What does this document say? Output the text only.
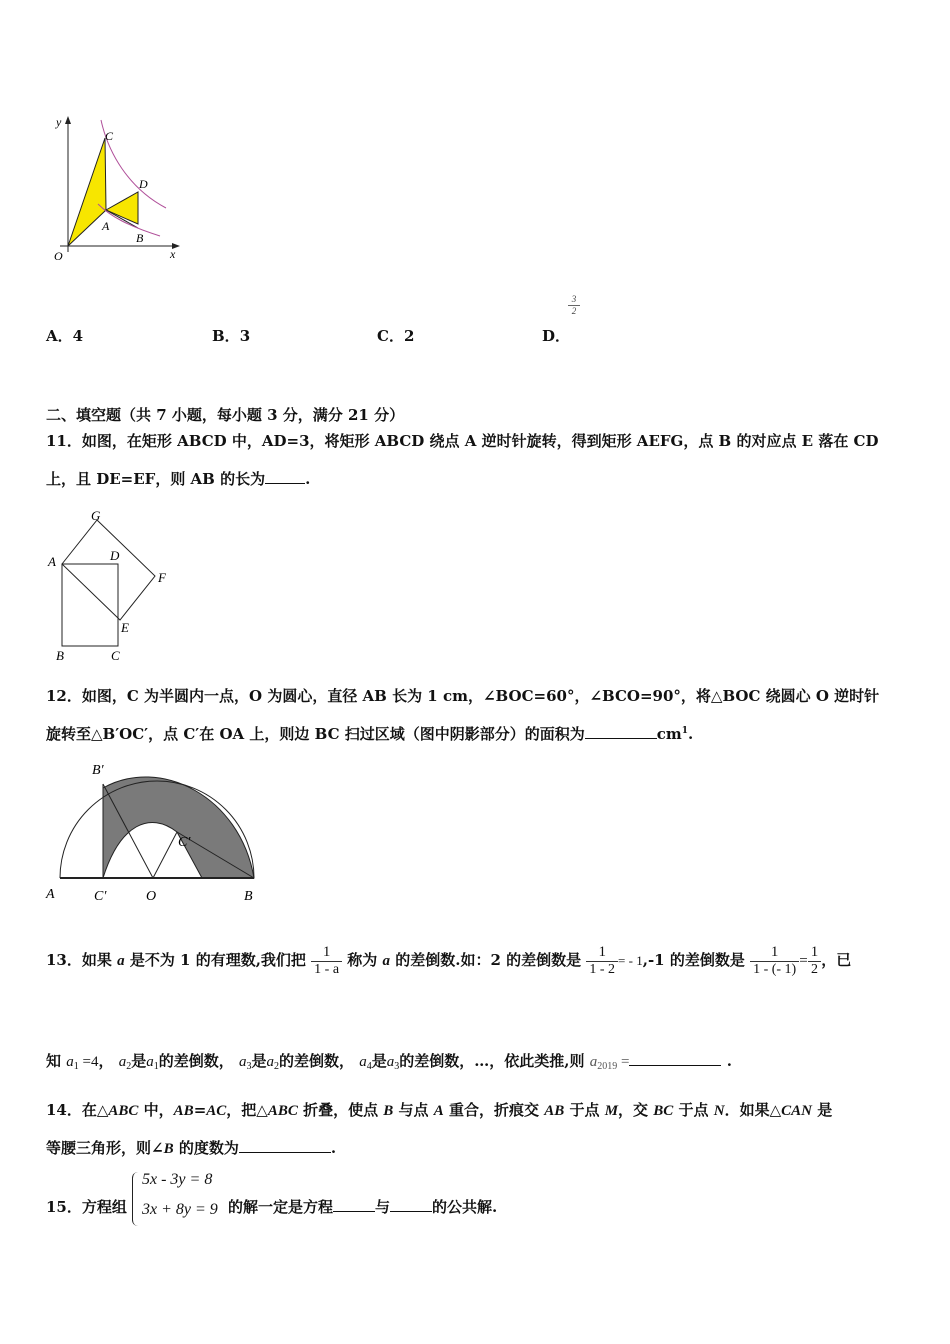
y
x
O
C
D
A
B
A．4	B．3	C．2	D．
3
2
二、填空题（共 7 小题，每小题 3 分，满分 21 分）
11．如图，在矩形 ABCD 中，AD=3，将矩形 ABCD 绕点 A 逆时针旋转，得到矩形 AEFG，点 B 的对应点 E 落在 CD
上，且 DE=EF，则 AB 的长为	.
G
A	D
F
E
B	C
12．如图，C 为半圆内一点，O 为圆心，直径 AB 长为 1 cm，∠BOC=60°，∠BCO=90°，将△BOC 绕圆心 O 逆时针
旋转至△B′OC′，点 C′在 OA 上，则边 BC 扫过区域（图中阴影部分）的面积为	$cm^1$.
B′
C′
A	C′	O	B
13．如果 a 是不为 1 的有理数,我们把 $\frac{1}{1 - a}$ 称为 a 的差倒数.如：2 的差倒数是 $\frac{1}{1 - 2}$ = - 1,-1 的差倒数是 $\frac{1}{1 - (- 1)} = \frac{1}{2}$ ，已
知 $a_1 =4$， $a_2$是$a_1$的差倒数， $a_3$是$a_2$的差倒数， $a_4$是$a_3$的差倒数，…，依此类推,则 $a_{2019}$ =	.
14．在△ABC 中，AB=AC，把△ABC 折叠，使点 B 与点 A 重合，折痕交 AB 于点 M，交 BC 于点 N．如果△CAN 是
等腰三角形，则∠B 的度数为	.
15．方程组
5x - 3y = 8
3x + 8y = 9 的解一定是方程	与	的公共解.
